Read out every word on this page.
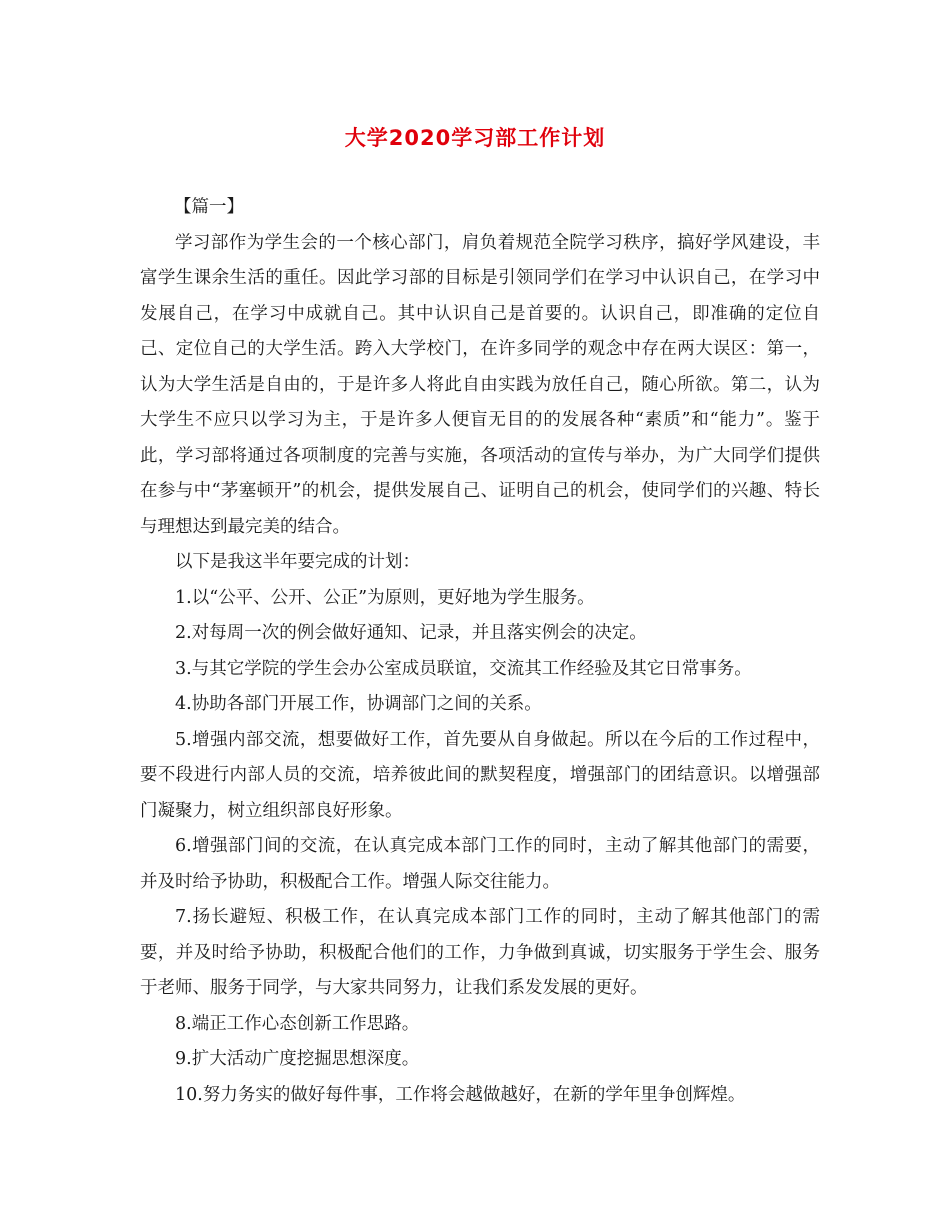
大学2020学习部工作计划

【篇一】

学习部作为学生会的一个核心部门，肩负着规范全院学习秩序，搞好学风建设，丰富学生课余生活的重任。因此学习部的目标是引领同学们在学习中认识自己，在学习中发展自己，在学习中成就自己。其中认识自己是首要的。认识自己，即准确的定位自己、定位自己的大学生活。跨入大学校门，在许多同学的观念中存在两大误区：第一，认为大学生活是自由的，于是许多人将此自由实践为放任自己，随心所欲。第二，认为大学生不应只以学习为主，于是许多人便盲无目的的发展各种“素质”和“能力”。鉴于此，学习部将通过各项制度的完善与实施，各项活动的宣传与举办，为广大同学们提供在参与中“茅塞顿开”的机会，提供发展自己、证明自己的机会，使同学们的兴趣、特长与理想达到最完美的结合。

以下是我这半年要完成的计划：

1.以“公平、公开、公正”为原则，更好地为学生服务。

2.对每周一次的例会做好通知、记录，并且落实例会的决定。

3.与其它学院的学生会办公室成员联谊，交流其工作经验及其它日常事务。

4.协助各部门开展工作，协调部门之间的关系。

5.增强内部交流，想要做好工作，首先要从自身做起。所以在今后的工作过程中，要不段进行内部人员的交流，培养彼此间的默契程度，增强部门的团结意识。以增强部门凝聚力，树立组织部良好形象。

6.增强部门间的交流，在认真完成本部门工作的同时，主动了解其他部门的需要，并及时给予协助，积极配合工作。增强人际交往能力。

7.扬长避短、积极工作，在认真完成本部门工作的同时，主动了解其他部门的需要，并及时给予协助，积极配合他们的工作，力争做到真诚，切实服务于学生会、服务于老师、服务于同学，与大家共同努力，让我们系发发展的更好。

8.端正工作心态创新工作思路。

9.扩大活动广度挖掘思想深度。

10.努力务实的做好每件事，工作将会越做越好，在新的学年里争创辉煌。
